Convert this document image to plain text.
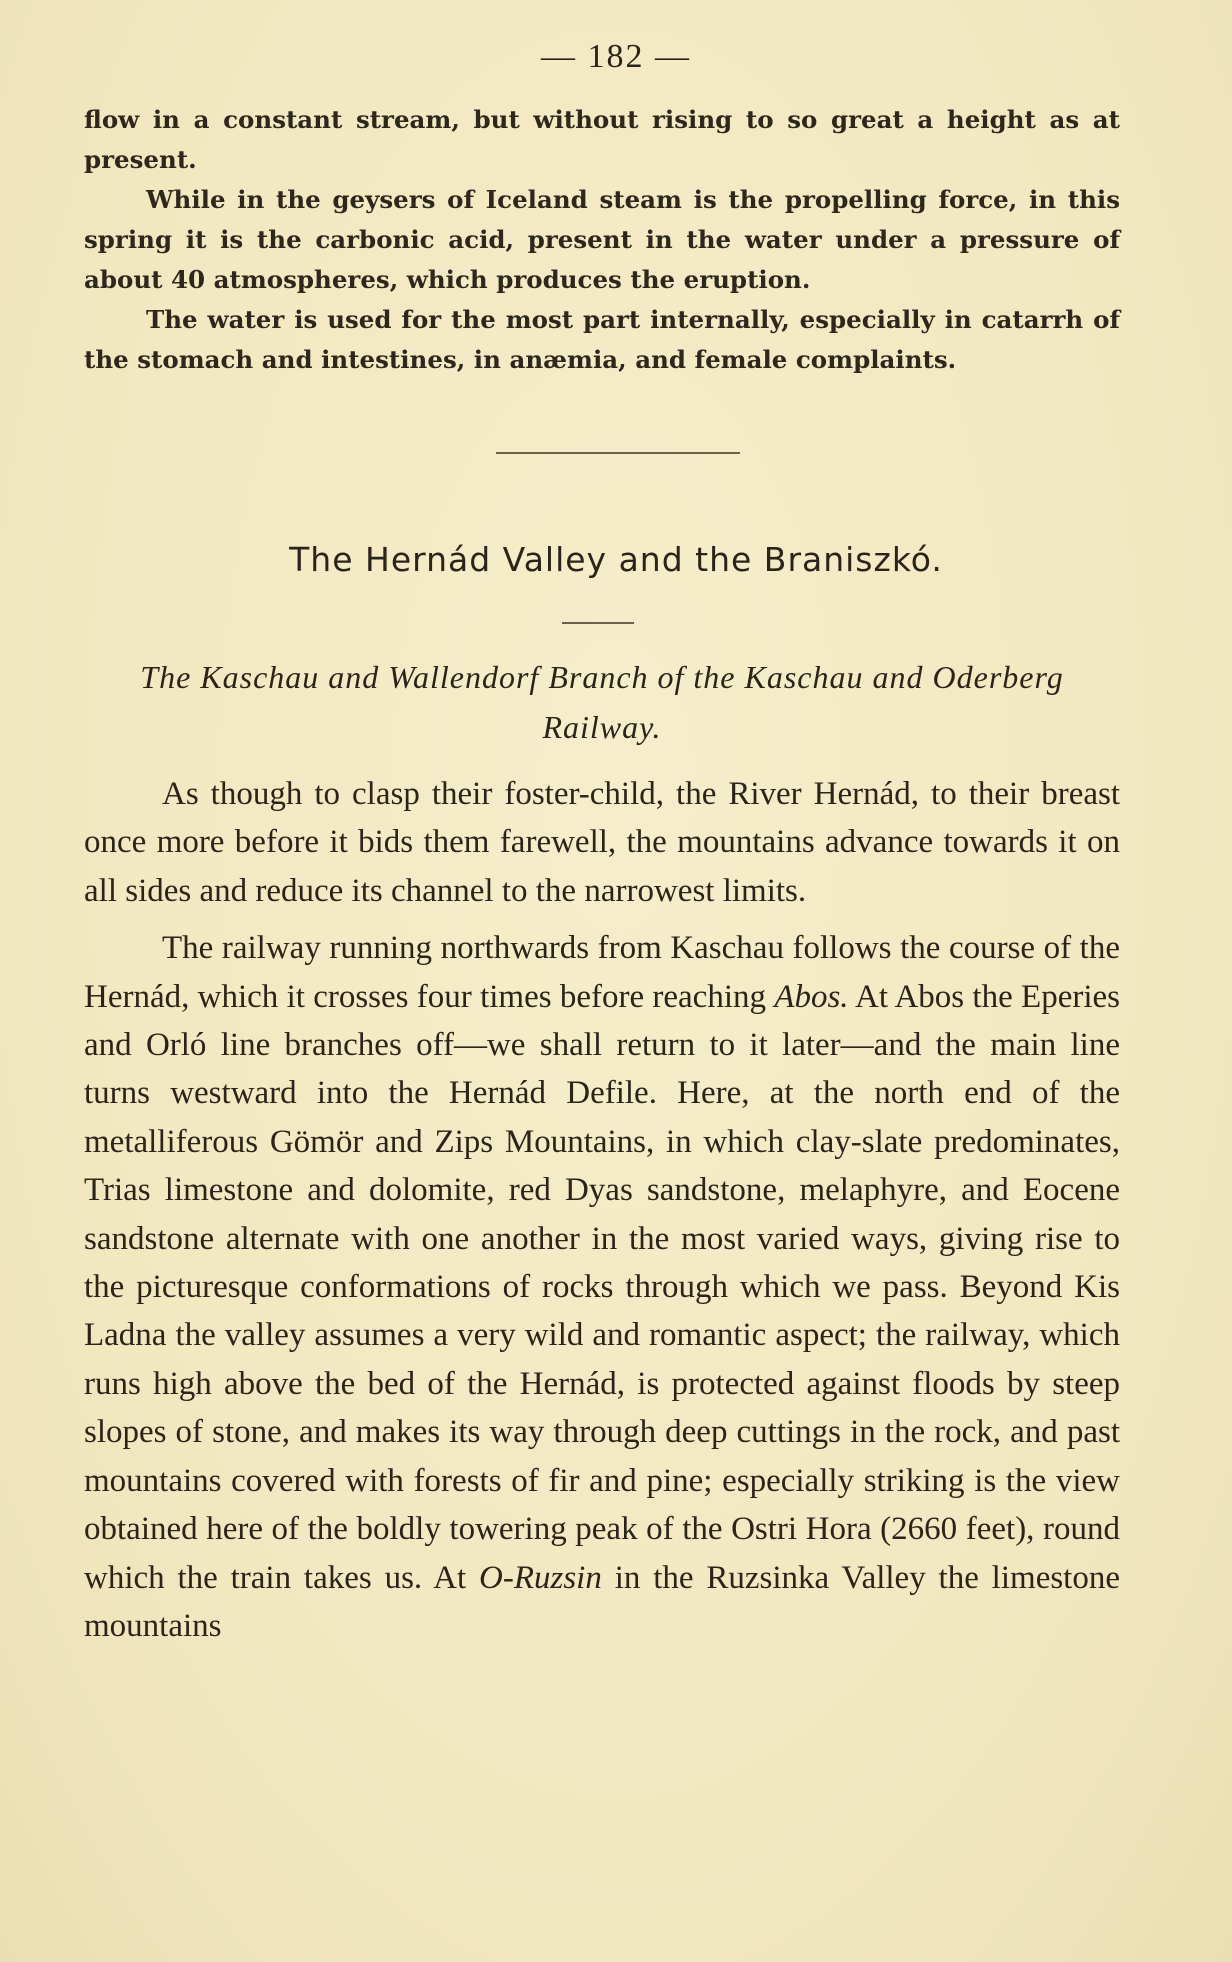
— 182 —

flow in a constant stream, but without rising to so great a height as at present.

While in the geysers of Iceland steam is the propelling force, in this spring it is the carbonic acid, present in the water under a pressure of about 40 atmospheres, which produces the eruption.

The water is used for the most part internally, especially in catarrh of the stomach and intestines, in anæmia, and female complaints.

The Hernád Valley and the Braniszkó.
The Kaschau and Wallendorf Branch of the Kaschau and Oderberg Railway.

As though to clasp their foster-child, the River Hernád, to their breast once more before it bids them farewell, the mountains advance towards it on all sides and reduce its channel to the narrowest limits.

The railway running northwards from Kaschau follows the course of the Hernád, which it crosses four times before reaching Abos. At Abos the Eperies and Orló line branches off—we shall return to it later—and the main line turns westward into the Hernád Defile. Here, at the north end of the metalliferous Gömör and Zips Mountains, in which clay-slate predominates, Trias limestone and dolomite, red Dyas sandstone, melaphyre, and Eocene sandstone alternate with one another in the most varied ways, giving rise to the picturesque conformations of rocks through which we pass. Beyond Kis Ladna the valley assumes a very wild and romantic aspect; the railway, which runs high above the bed of the Hernád, is protected against floods by steep slopes of stone, and makes its way through deep cuttings in the rock, and past mountains covered with forests of fir and pine; especially striking is the view obtained here of the boldly towering peak of the Ostri Hora (2660 feet), round which the train takes us. At O-Ruzsin in the Ruzsinka Valley the limestone mountains
